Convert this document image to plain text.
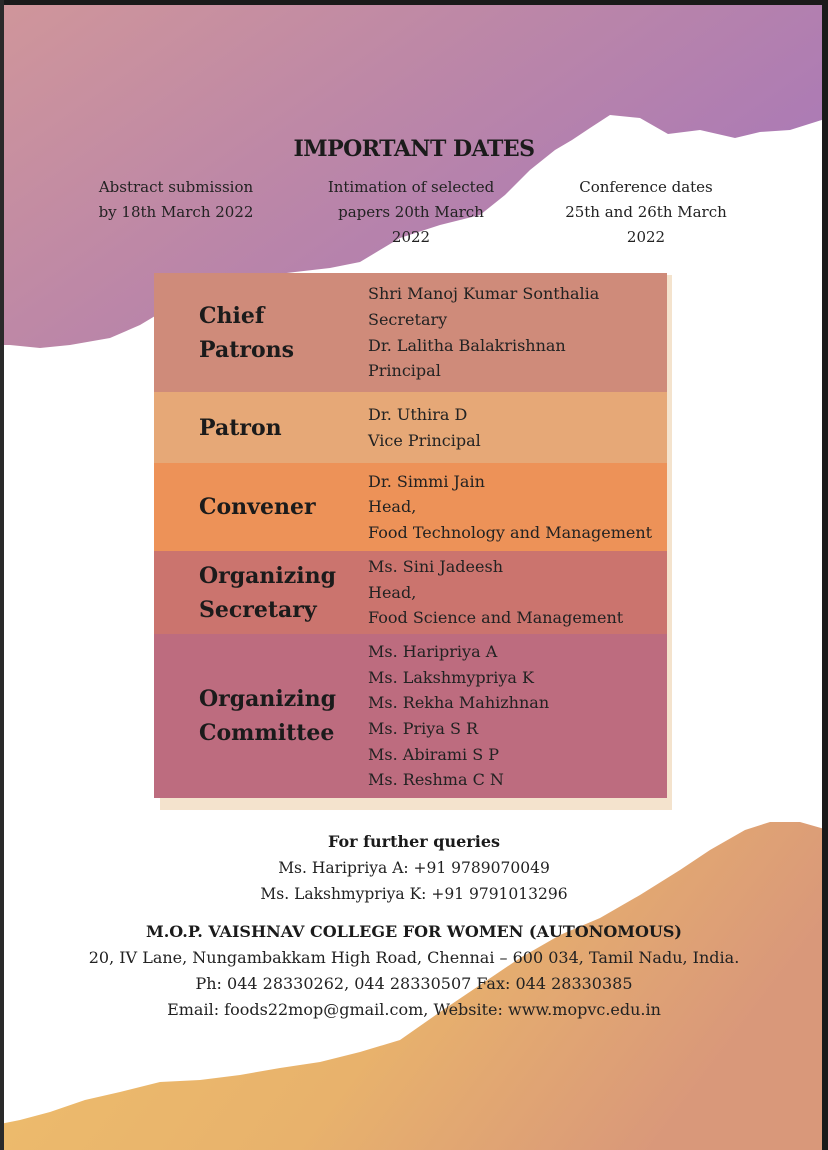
IMPORTANT DATES
Abstract submission
by 18th March 2022
Intimation of selected
papers 20th March
2022
Conference dates
25th and 26th March
2022
Chief
Patrons
Shri Manoj Kumar Sonthalia
Secretary
Dr. Lalitha Balakrishnan
Principal
Patron
Dr. Uthira D
Vice Principal
Convener
Dr. Simmi Jain
Head,
Food Technology and Management
Organizing
Secretary
Ms. Sini Jadeesh
Head,
Food Science and Management
Organizing
Committee
Ms. Haripriya A
Ms. Lakshmypriya K
Ms. Rekha Mahizhnan
Ms. Priya S R
Ms. Abirami S P
Ms. Reshma C N
For further queries
Ms. Haripriya A: +91 9789070049
Ms. Lakshmypriya K: +91 9791013296
M.O.P. VAISHNAV COLLEGE FOR WOMEN (AUTONOMOUS)
20, IV Lane, Nungambakkam High Road, Chennai – 600 034, Tamil Nadu, India.
Ph: 044 28330262, 044 28330507 Fax: 044 28330385
Email: foods22mop@gmail.com, Website: www.mopvc.edu.in
